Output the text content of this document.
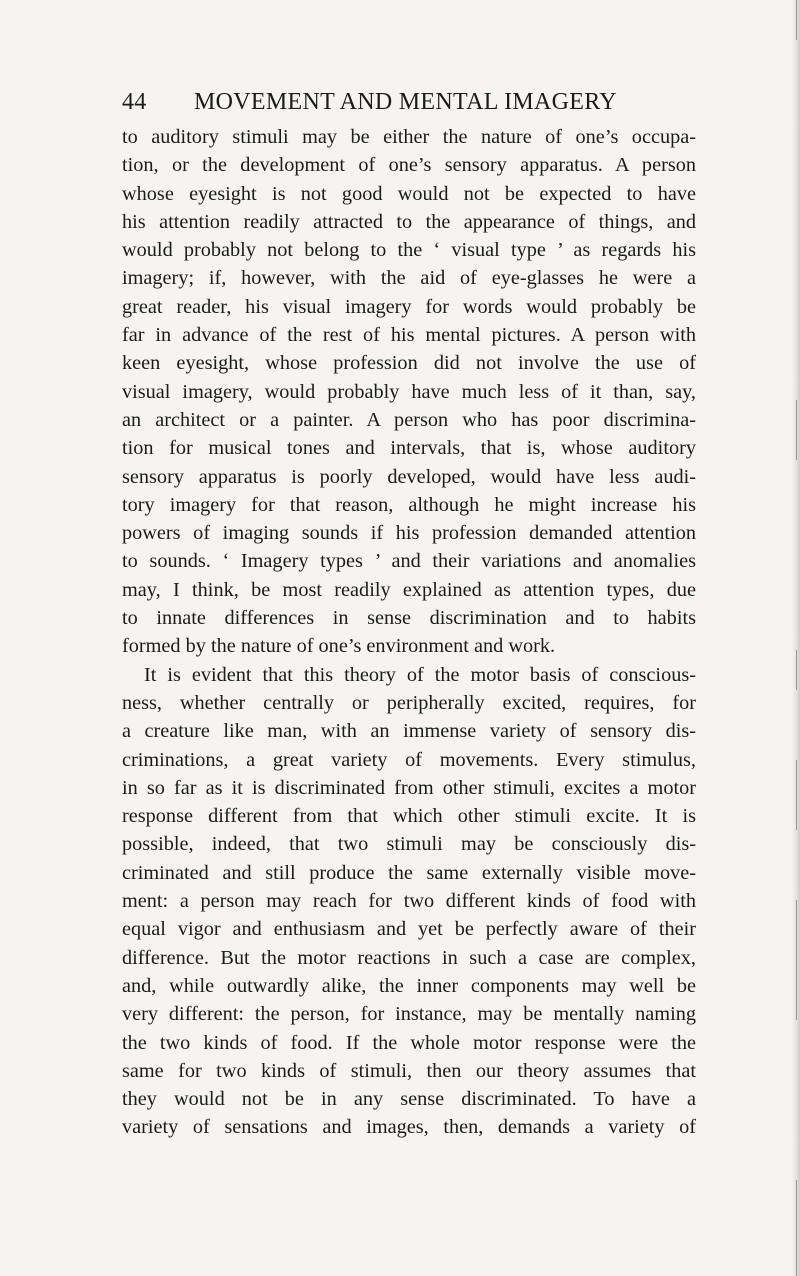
44 MOVEMENT AND MENTAL IMAGERY
to auditory stimuli may be either the nature of one’s occupa-
tion, or the development of one’s sensory apparatus. A person
whose eyesight is not good would not be expected to have
his attention readily attracted to the appearance of things, and
would probably not belong to the ‘ visual type ’ as regards his
imagery; if, however, with the aid of eye-glasses he were a
great reader, his visual imagery for words would probably be
far in advance of the rest of his mental pictures. A person with
keen eyesight, whose profession did not involve the use of
visual imagery, would probably have much less of it than, say,
an architect or a painter. A person who has poor discrimina-
tion for musical tones and intervals, that is, whose auditory
sensory apparatus is poorly developed, would have less audi-
tory imagery for that reason, although he might increase his
powers of imaging sounds if his profession demanded attention
to sounds. ‘ Imagery types ’ and their variations and anomalies
may, I think, be most readily explained as attention types, due
to innate differences in sense discrimination and to habits
formed by the nature of one’s environment and work.
It is evident that this theory of the motor basis of conscious-
ness, whether centrally or peripherally excited, requires, for
a creature like man, with an immense variety of sensory dis-
criminations, a great variety of movements. Every stimulus,
in so far as it is discriminated from other stimuli, excites a motor
response different from that which other stimuli excite. It is
possible, indeed, that two stimuli may be consciously dis-
criminated and still produce the same externally visible move-
ment: a person may reach for two different kinds of food with
equal vigor and enthusiasm and yet be perfectly aware of their
difference. But the motor reactions in such a case are complex,
and, while outwardly alike, the inner components may well be
very different: the person, for instance, may be mentally naming
the two kinds of food. If the whole motor response were the
same for two kinds of stimuli, then our theory assumes that
they would not be in any sense discriminated. To have a
variety of sensations and images, then, demands a variety of
